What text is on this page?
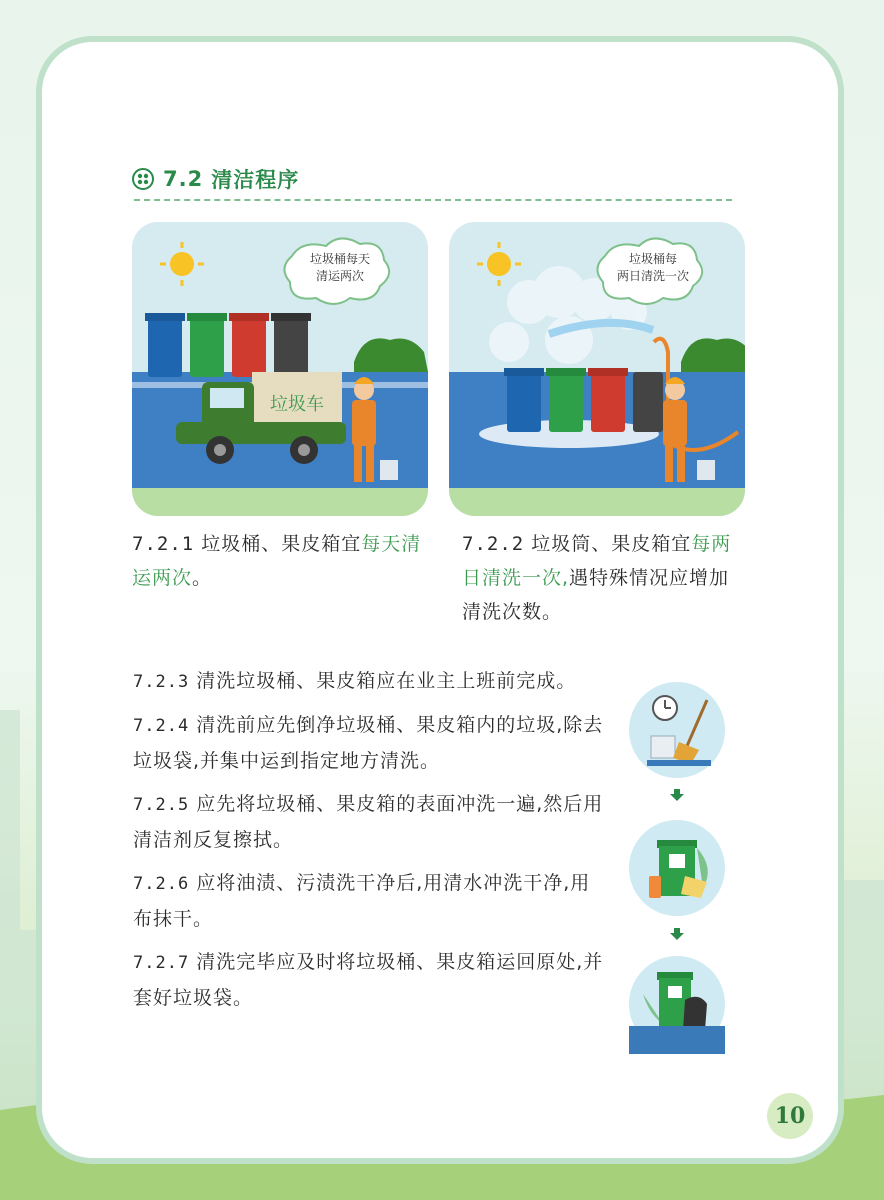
7.2 清洁程序
垃圾桶每天
清运两次
垃圾车
垃圾桶每
两日清洗一次
7.2.1 垃圾桶、果皮箱宜每天清运两次。
7.2.2 垃圾筒、果皮箱宜每两日清洗一次,遇特殊情况应增加清洗次数。
7.2.3 清洗垃圾桶、果皮箱应在业主上班前完成。
7.2.4 清洗前应先倒净垃圾桶、果皮箱内的垃圾,除去垃圾袋,并集中运到指定地方清洗。
7.2.5 应先将垃圾桶、果皮箱的表面冲洗一遍,然后用清洁剂反复擦拭。
7.2.6 应将油渍、污渍洗干净后,用清水冲洗干净,用布抹干。
7.2.7 清洗完毕应及时将垃圾桶、果皮箱运回原处,并套好垃圾袋。
10
